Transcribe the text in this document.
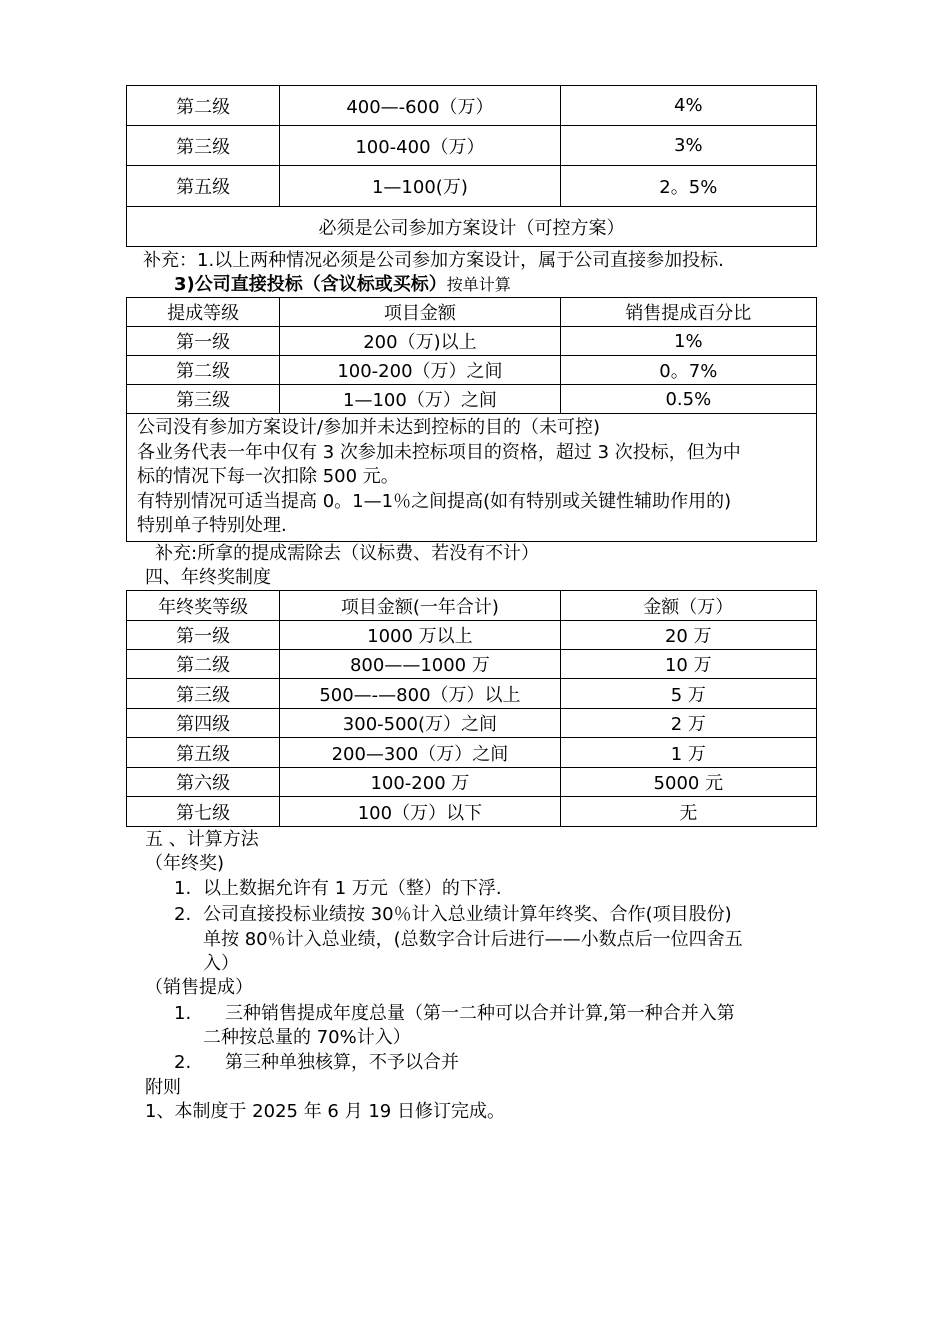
第二级	400—-600（万）	4%
第三级	100-400（万）	3%
第五级	1—100(万)	2。5%
必须是公司参加方案设计（可控方案）		
补充：1.以上两种情况必须是公司参加方案设计，属于公司直接参加投标.
3)公司直接投标（含议标或买标）按单计算
提成等级	项目金额	销售提成百分比
第一级	200（万)以上	1%
第二级	100-200（万）之间	0。7%
第三级	1—100（万）之间	0.5%

公司没有参加方案设计/参加并未达到控标的目的（未可控)
各业务代表一年中仅有 3 次参加未控标项目的资格，超过 3 次投标，但为中
标的情况下每一次扣除 500 元。
有特别情况可适当提高 0。1—1％之间提高(如有特别或关键性辅助作用的)
特别单子特别处理.		
补充:所拿的提成需除去（议标费、若没有不计）
四、年终奖制度
年终奖等级	项目金额(一年合计)	金额（万）
第一级	1000 万以上	20 万
第二级	800——1000 万	10 万
第三级	500—-—800（万）以上	5 万
第四级	300-500(万）之间	2 万
第五级	200—300（万）之间	1 万
第六级	100-200 万	5000 元
第七级	100（万）以下	无
五 、计算方法
（年终奖)
1. 以上数据允许有 1 万元（整）的下浮.
2. 公司直接投标业绩按 30％计入总业绩计算年终奖、合作(项目股份)
单按 80％计入总业绩，(总数字合计后进行——小数点后一位四舍五
入）
（销售提成）
1. 三种销售提成年度总量（第一二种可以合并计算,第一种合并入第
二种按总量的 70%计入）
2. 第三种单独核算，不予以合并
附则
1、本制度于 2025 年 6 月 19 日修订完成。
